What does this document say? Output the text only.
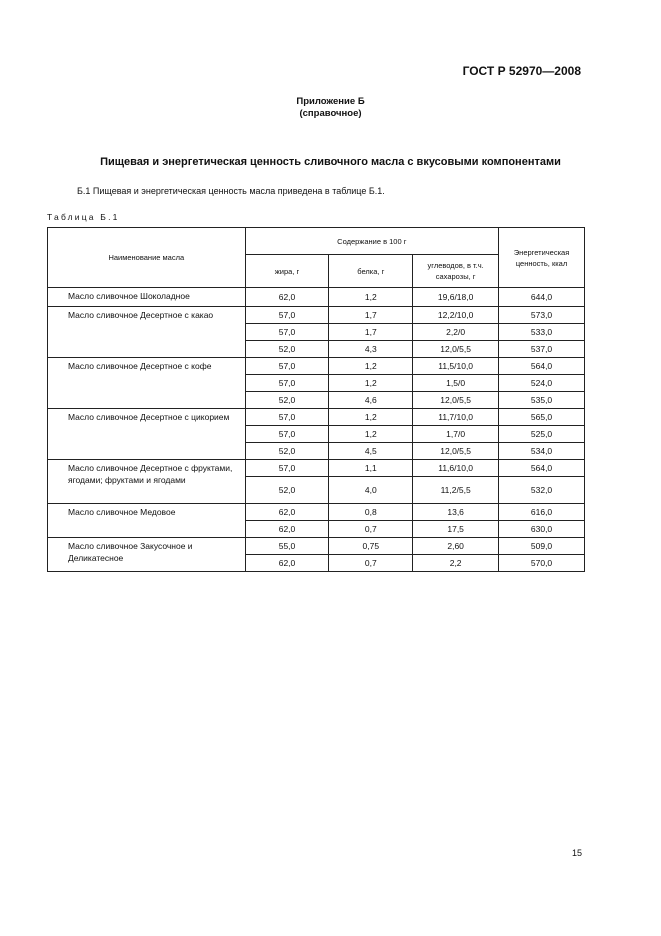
ГОСТ Р 52970—2008
Приложение Б
(справочное)
Пищевая и энергетическая ценность сливочного масла с вкусовыми компонентами
Б.1 Пищевая и энергетическая ценность масла приведена в таблице Б.1.
Таблица Б.1
Наименование масла	Содержание в 100 г			Энергетическая ценность, ккал
	жира, г	белка, г	углеводов, в т.ч. сахарозы, г	
Масло сливочное Шоколадное	62,0	1,2	19,6/18,0	644,0
Масло сливочное Десертное с какао	57,0	1,7	12,2/10,0	573,0
	57,0	1,7	2,2/0	533,0
	52,0	4,3	12,0/5,5	537,0
Масло сливочное Десертное с кофе	57,0	1,2	11,5/10,0	564,0
	57,0	1,2	1,5/0	524,0
	52,0	4,6	12,0/5,5	535,0
Масло сливочное Десертное с цикорием	57,0	1,2	11,7/10,0	565,0
	57,0	1,2	1,7/0	525,0
	52,0	4,5	12,0/5,5	534,0
Масло сливочное Десертное с фруктами, ягодами; фруктами и ягодами	57,0	1,1	11,6/10,0	564,0
	52,0	4,0	11,2/5,5	532,0
Масло сливочное Медовое	62,0	0,8	13,6	616,0
	62,0	0,7	17,5	630,0
Масло сливочное Закусочное и Деликатесное	55,0	0,75	2,60	509,0
	62,0	0,7	2,2	570,0
15
